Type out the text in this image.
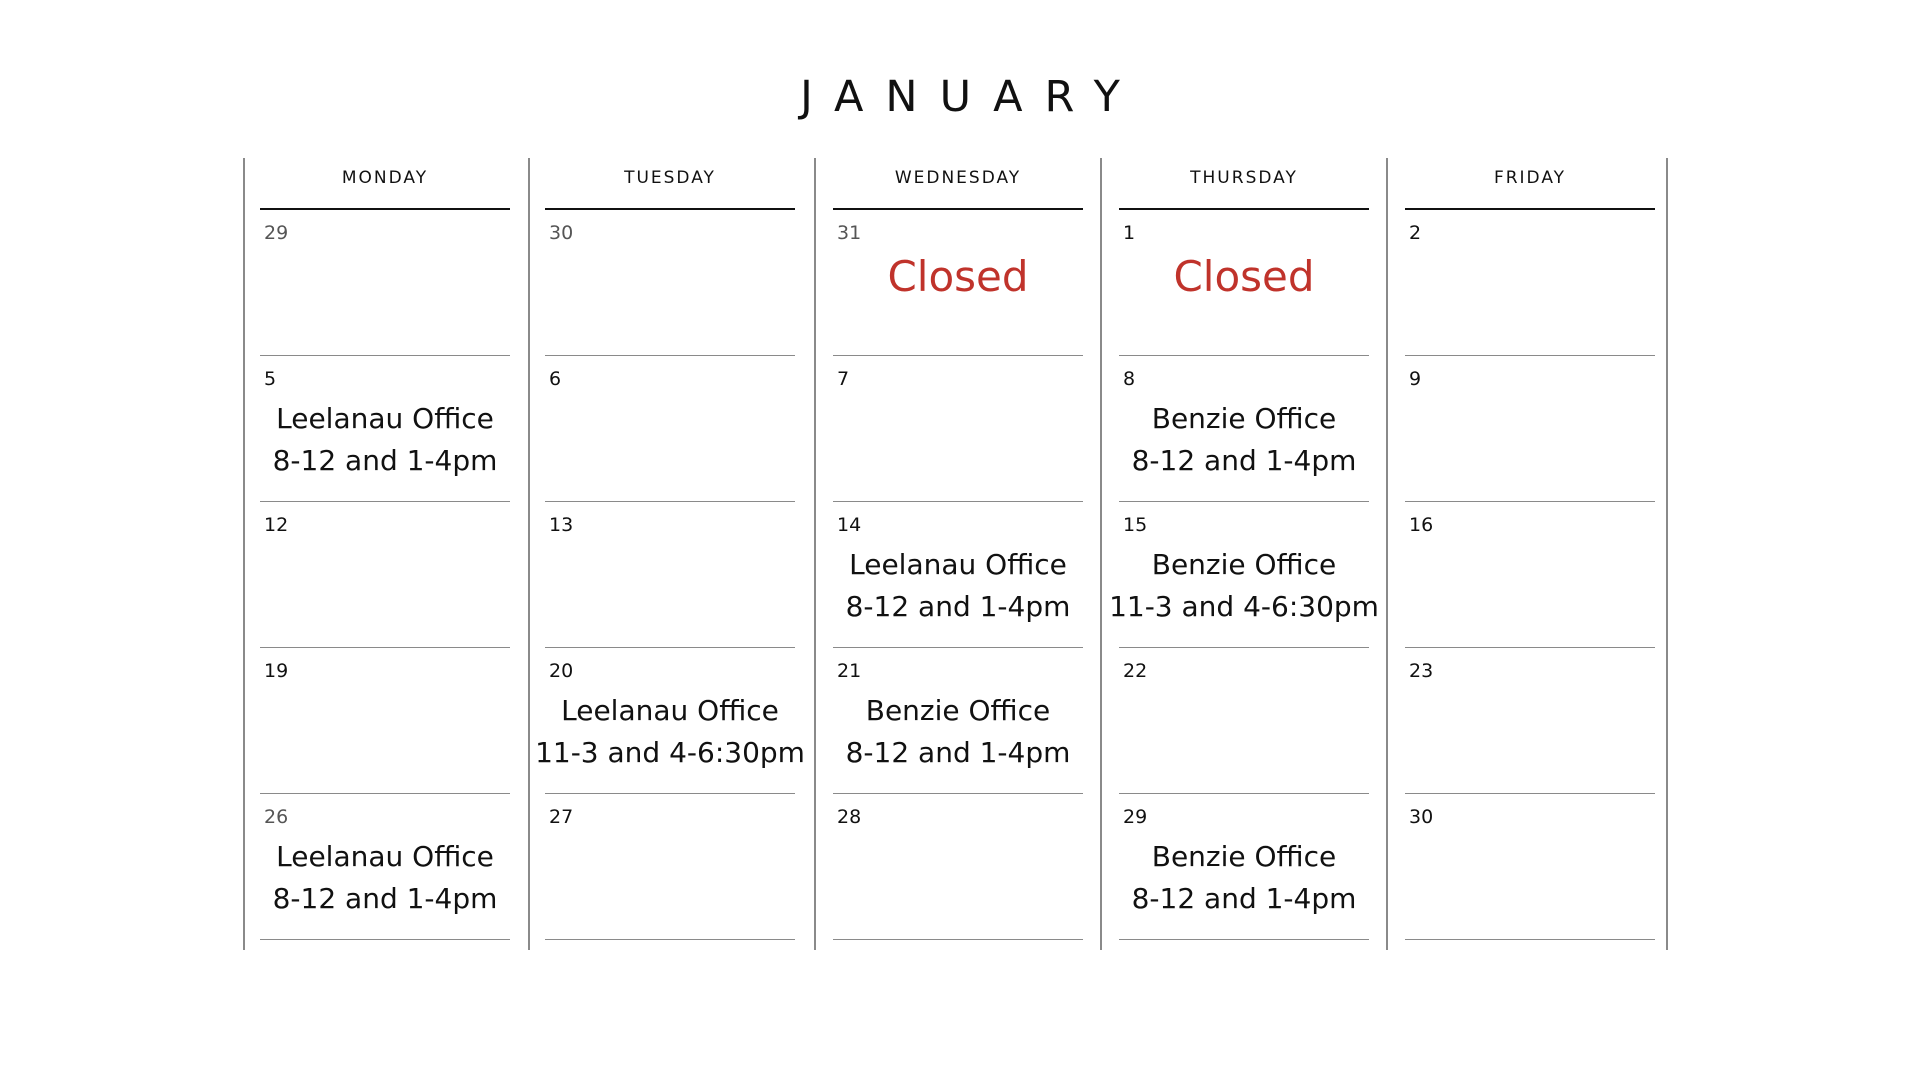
JANUARY
MONDAY
29
5
Leelanau Office
8-12 and 1-4pm
12
19
26
Leelanau Office
8-12 and 1-4pm
TUESDAY
30
6
13
20
Leelanau Office
11-3 and 4-6:30pm
27
WEDNESDAY
31
Closed
7
14
Leelanau Office
8-12 and 1-4pm
21
Benzie Office
8-12 and 1-4pm
28
THURSDAY
1
Closed
8
Benzie Office
8-12 and 1-4pm
15
Benzie Office
11-3 and 4-6:30pm
22
29
Benzie Office
8-12 and 1-4pm
FRIDAY
2
9
16
23
30
